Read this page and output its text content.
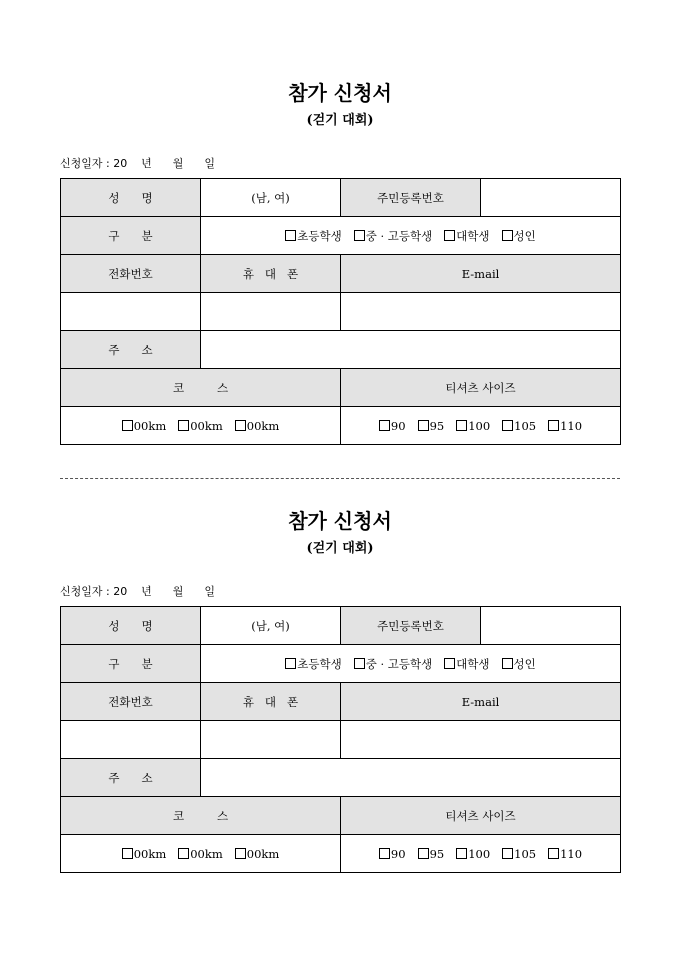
참가 신청서
(걷기 대회)
신청일자 : 20    년      월      일
성      명	(남, 여)	주민등록번호	
구      분	초등학생 중 · 고등학생 대학생 성인		
전화번호	휴   대   폰	E-mail	

주      소			
코         스		티셔츠 사이즈	
00km 00km 00km		90 95 100 105 110	
참가 신청서
(걷기 대회)
신청일자 : 20    년      월      일
성      명	(남, 여)	주민등록번호	
구      분	초등학생 중 · 고등학생 대학생 성인		
전화번호	휴   대   폰	E-mail	

주      소			
코         스		티셔츠 사이즈	
00km 00km 00km		90 95 100 105 110	
